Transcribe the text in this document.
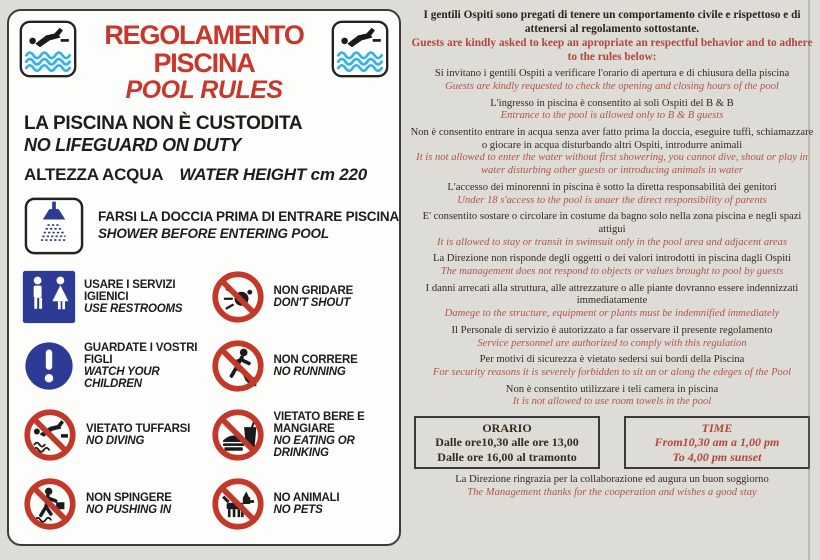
REGOLAMENTO PISCINA
POOL RULES
LA PISCINA NON È CUSTODITA
NO LIFEGUARD ON DUTY
ALTEZZA ACQUA WATER HEIGHT cm 220
FARSI LA DOCCIA PRIMA DI ENTRARE PISCINA
SHOWER BEFORE ENTERING POOL
USARE I SERVIZI IGIENICI
USE RESTROOMS
NON GRIDARE
DON'T SHOUT
GUARDATE I VOSTRI FIGLI
WATCH YOUR CHILDREN
NON CORRERE
NO RUNNING
VIETATO TUFFARSI
NO DIVING
VIETATO BERE E MANGIARE
NO EATING OR DRINKING
NON SPINGERE
NO PUSHING IN
NO ANIMALI
NO PETS

I gentili Ospiti sono pregati di tenere un comportamento civile e rispettoso e di attenersi al regolamento sottostante.

Guests are kindly asked to keep an apropriate an respectful behavior and to adhere to the rules below:

Si invitano i gentili Ospiti a verificare l'orario di apertura e di chiusura della piscina

Guests are kindly requested to check the opening and closing hours of the pool

L'ingresso in piscina è consentito ai soli Ospiti del B & B

Entrance to the pool is allowed only to B & B guests

Non è consentito entrare in acqua senza aver fatto prima la doccia, eseguire tuffi, schiamazzare o giocare in acqua disturbando altri Ospiti, introdurre animali

It is not allowed to enter the water without first showering, you cannot dive, shout or play in water disturbing other guests or introducing animals in water

L'accesso dei minorenni in piscina è sotto la diretta responsabilità dei genitori

Under 18 s'access to the pool is unaer the direct responsibility of parents

E' consentito sostare o circolare in costume da bagno solo nella zona piscina e negli spazi attigui

It is allowed to stay or transit in swimsuit only in the pool area and adjacent areas

La Direzione non risponde degli oggetti o dei valori introdotti in piscina dagli Ospiti

The management does not respond to objects or values brought to pool by guests

I danni arrecati alla struttura, alle attrezzature o alle piante dovranno essere indennizzati immediatamente

Damege to the structure, equipment or plants must be indemnified immediately

Il Personale di servizio è autorizzato a far osservare il presente regolamento

Service personnel are authorized to comply with this regulation

Per motivi di sicurezza è vietato sedersi sui bordi della Piscina

For security reasons it is severely forbidden to sit on or along the edeges of the Pool

Non è consentito utilizzare i teli camera in piscina

It is not allowed to use room towels in the pool

ORARIO
Dalle ore10,30 alle ore 13,00
Dalle ore 16,00 al tramonto
TIME
From10,30 am a 1,00 pm
To 4,00 pm sunset

La Direzione ringrazia per la collaborazione ed augura un buon soggiorno

The Management thanks for the cooperation and wishes a good stay
